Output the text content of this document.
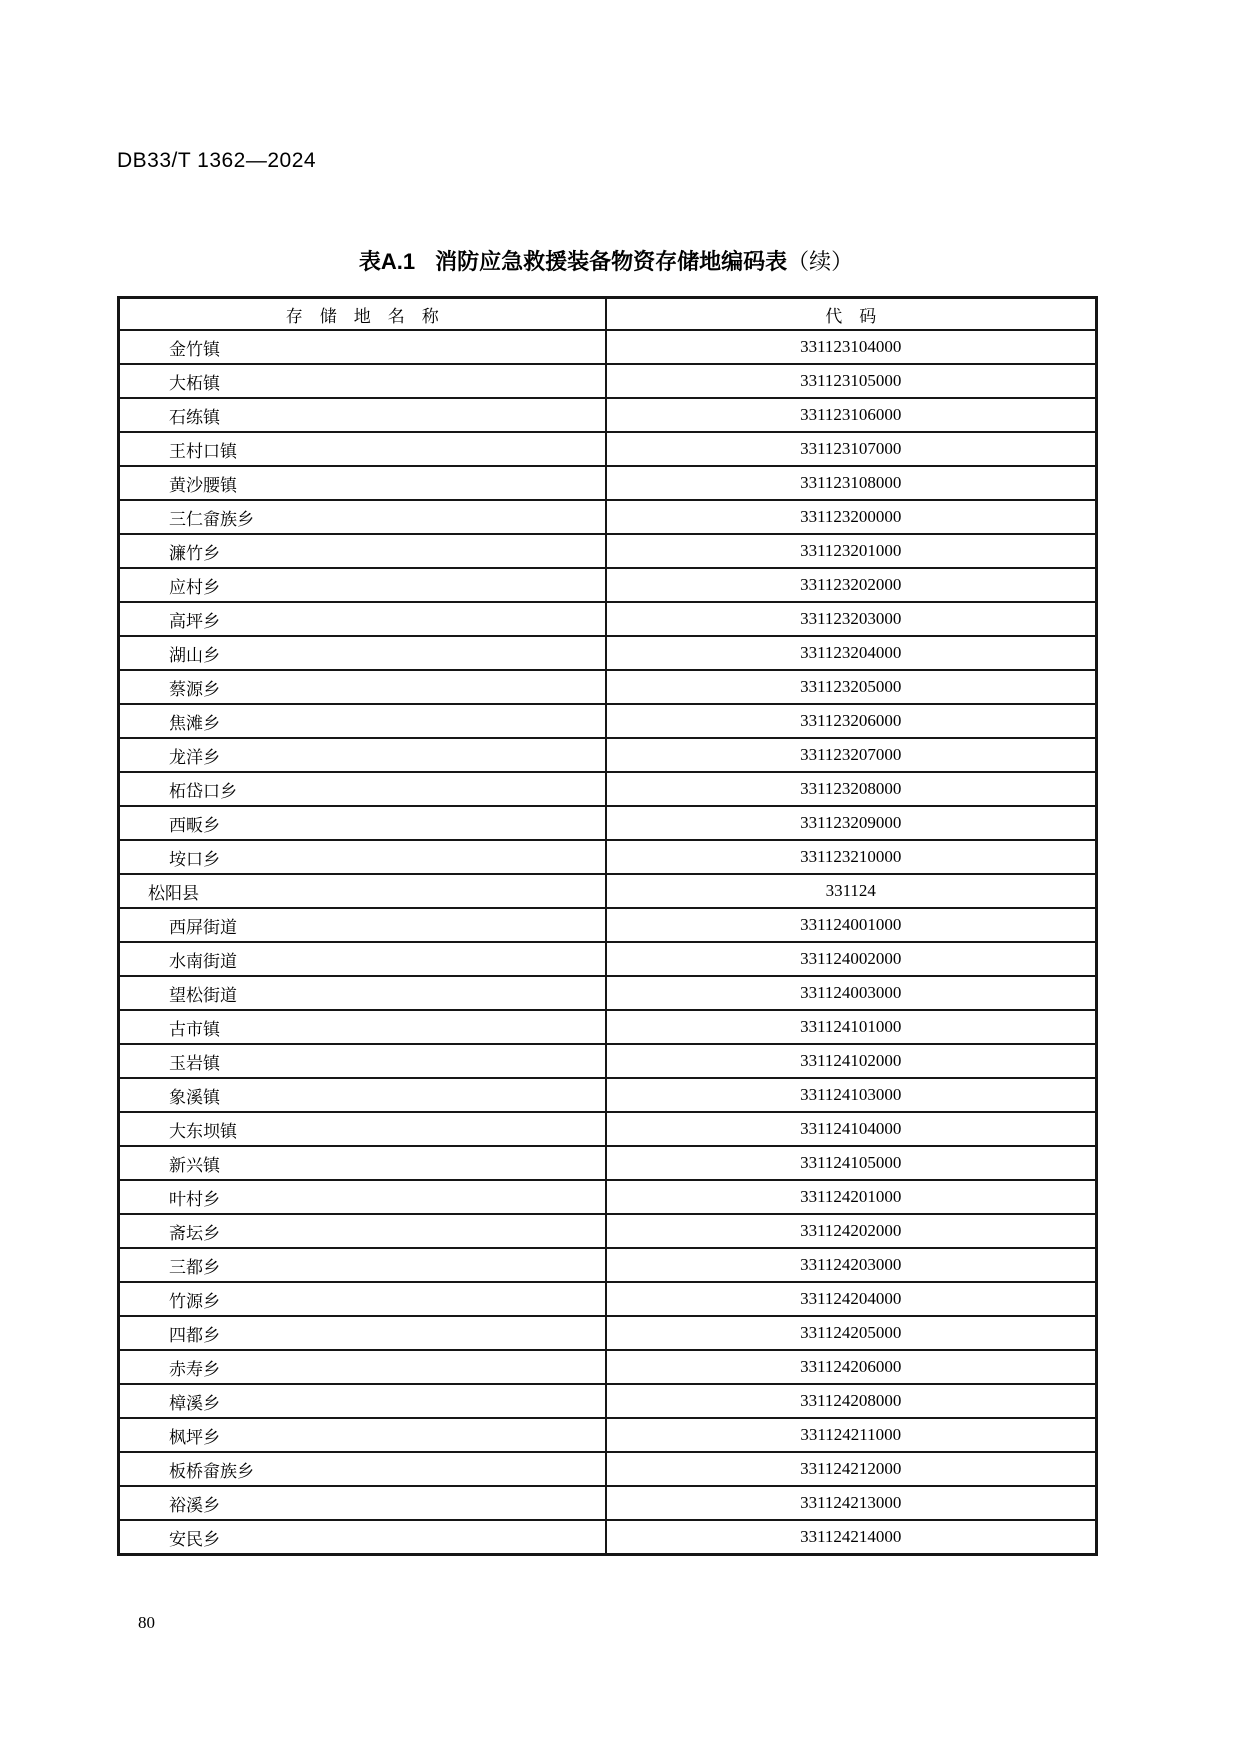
DB33/T 1362—2024
表A.1 消防应急救援装备物资存储地编码表（续）
存　储　地　名　称	代　码
金竹镇	331123104000
大柘镇	331123105000
石练镇	331123106000
王村口镇	331123107000
黄沙腰镇	331123108000
三仁畲族乡	331123200000
濂竹乡	331123201000
应村乡	331123202000
高坪乡	331123203000
湖山乡	331123204000
蔡源乡	331123205000
焦滩乡	331123206000
龙洋乡	331123207000
柘岱口乡	331123208000
西畈乡	331123209000
垵口乡	331123210000
松阳县	331124
西屏街道	331124001000
水南街道	331124002000
望松街道	331124003000
古市镇	331124101000
玉岩镇	331124102000
象溪镇	331124103000
大东坝镇	331124104000
新兴镇	331124105000
叶村乡	331124201000
斋坛乡	331124202000
三都乡	331124203000
竹源乡	331124204000
四都乡	331124205000
赤寿乡	331124206000
樟溪乡	331124208000
枫坪乡	331124211000
板桥畲族乡	331124212000
裕溪乡	331124213000
安民乡	331124214000
80
